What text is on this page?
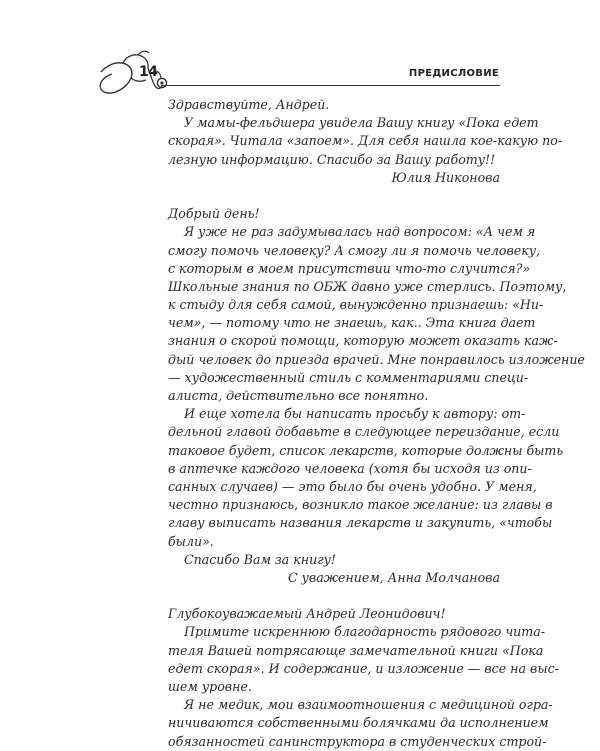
14	ПРЕДИСЛОВИЕ
Здравствуйте, Андрей.
У мамы-фельдшера увидела Вашу книгу «Пока едет
скорая». Читала «запоем». Для себя нашла кое-какую по-
лезную информацию. Спасибо за Вашу работу!!
Юлия Никонова
Добрый день!
Я уже не раз задумывалась над вопросом: «А чем я
смогу помочь человеку? А смогу ли я помочь человеку,
с которым в моем присутствии что-то случится?»
Школьные знания по ОБЖ давно уже стерлись. Поэтому,
к стыду для себя самой, вынужденно признаешь: «Ни-
чем», — потому что не знаешь, как.. Эта книга дает
знания о скорой помощи, которую может оказать каж-
дый человек до приезда врачей. Мне понравилось изложение
— художественный стиль с комментариями специ-
алиста, действительно все понятно.
И еще хотела бы написать просьбу к автору: от-
дельной главой добавьте в следующее переиздание, если
таковое будет, список лекарств, которые должны быть
в аптечке каждого человека (хотя бы исходя из опи-
санных случаев) — это было бы очень удобно. У меня,
честно признаюсь, возникло такое желание: из главы в
главу выписать названия лекарств и закупить, «чтобы
были».
Спасибо Вам за книгу!
С уважением, Анна Молчанова
Глубокоуважаемый Андрей Леонидович!
Примите искреннюю благодарность рядового чита-
теля Вашей потрясающе замечательной книги «Пока
едет скорая». И содержание, и изложение — все на выс-
шем уровне.
Я не медик, мои взаимоотношения с медициной огра-
ничиваются собственными болячками да исполнением
обязанностей санинструктора в студенческих строй-
